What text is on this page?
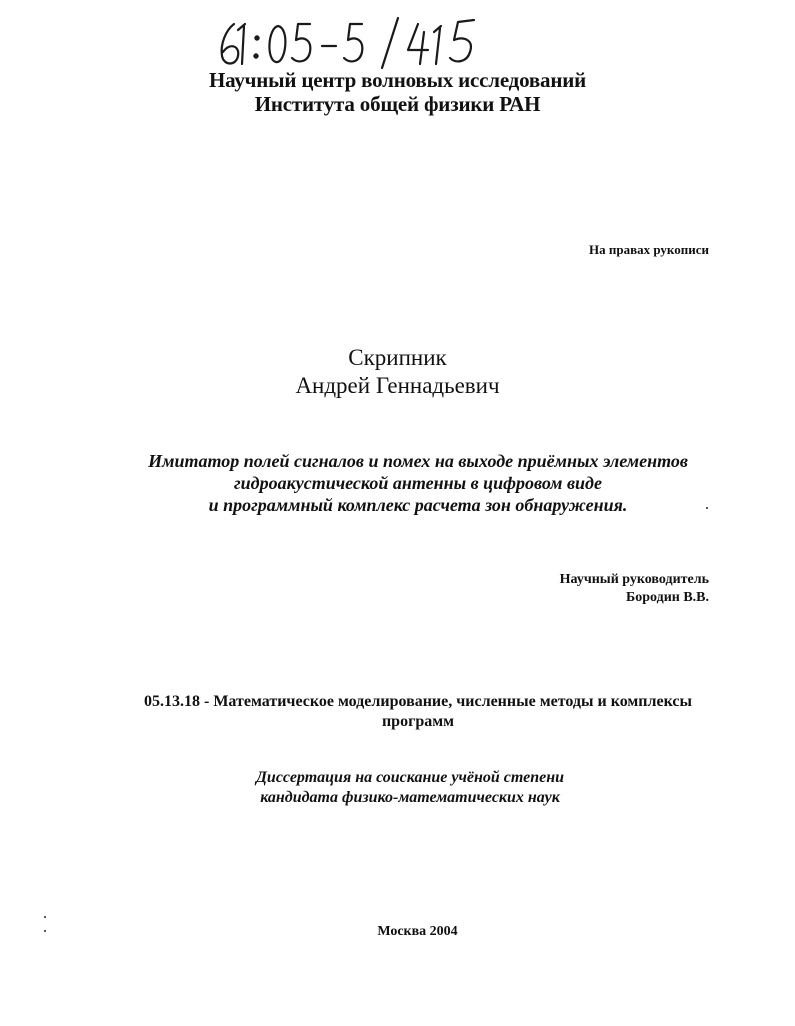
Научный центр волновых исследований
Института общей физики РАН
На правах рукописи
Скрипник
Андрей Геннадьевич
Имитатор полей сигналов и помех на выходе приёмных элементов
гидроакустической антенны в цифровом виде
и программный комплекс расчета зон обнаружения.
Научный руководитель
Бородин В.В.
05.13.18 - Математическое моделирование, численные методы и комплексы
программ
Диссертация на соискание учёной степени
кандидата физико-математических наук
Москва 2004
